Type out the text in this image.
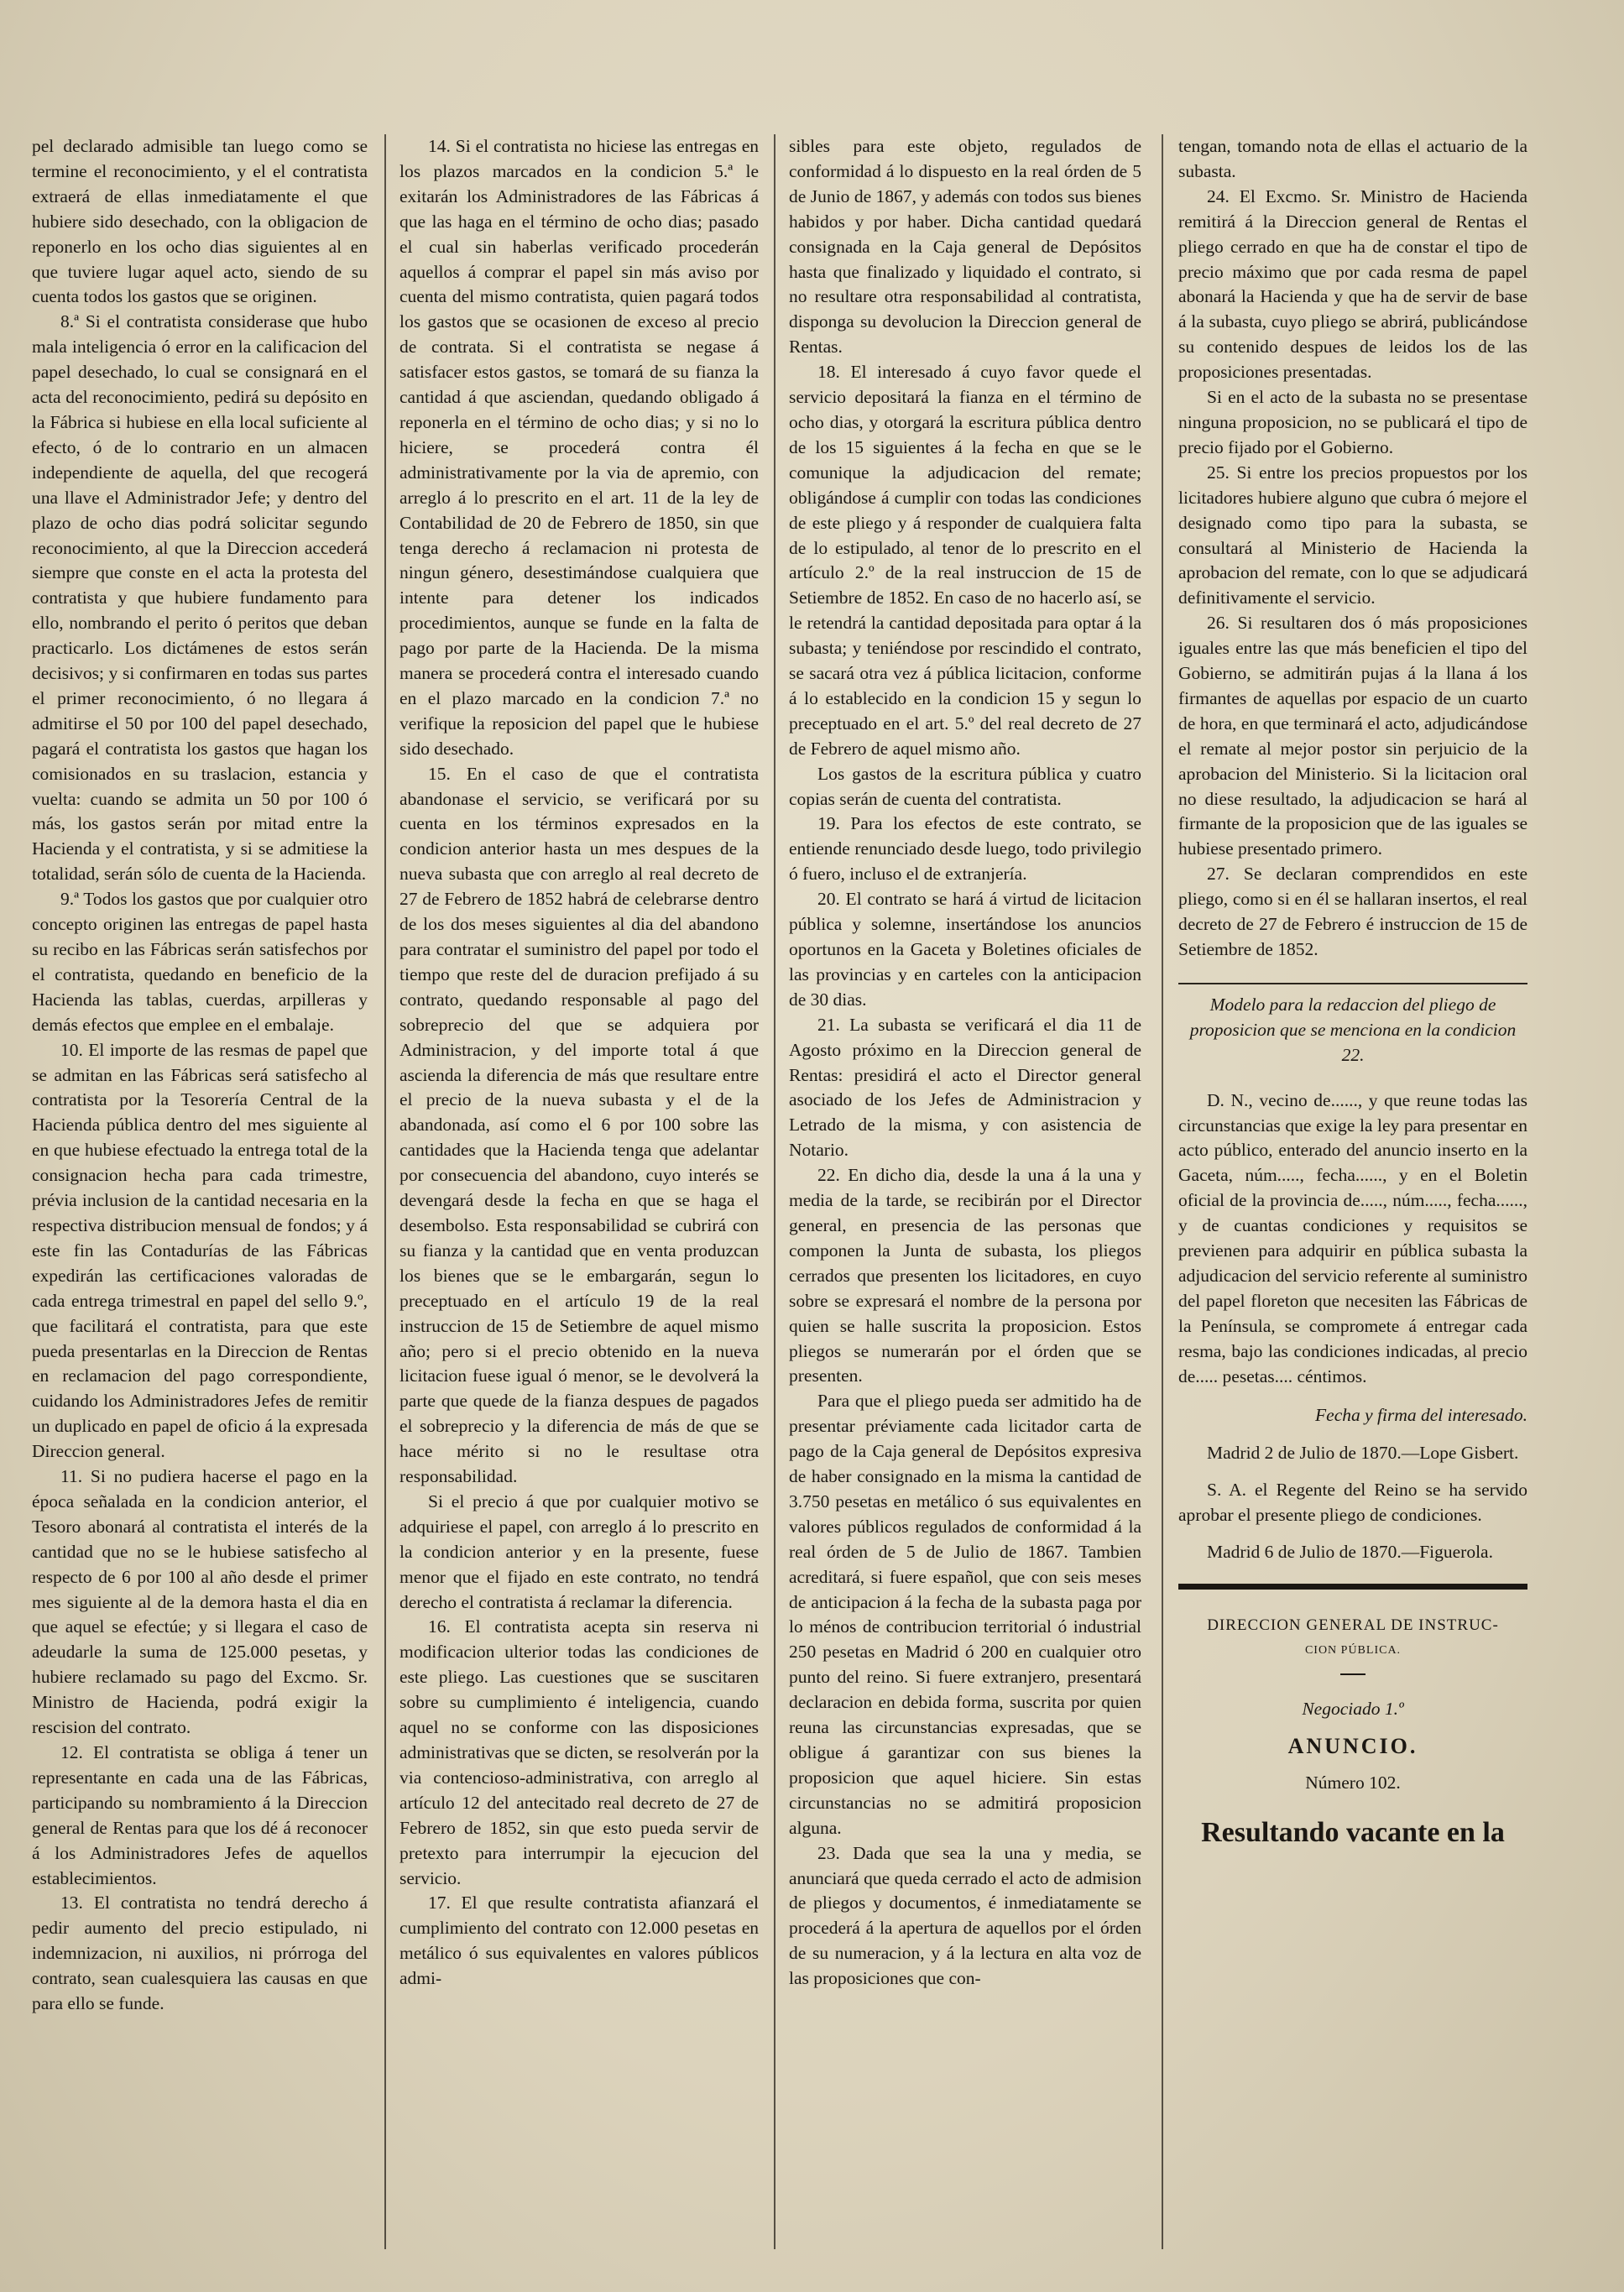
pel declarado admisible tan luego como se termine el reconocimiento, y el el contratista extraerá de ellas inmediatamente el que hubiere sido desechado, con la obligacion de reponerlo en los ocho dias siguientes al en que tuviere lugar aquel acto, siendo de su cuenta todos los gastos que se originen.

8.ª Si el contratista considerase que hubo mala inteligencia ó error en la calificacion del papel desechado, lo cual se consignará en el acta del reconocimiento, pedirá su depósito en la Fábrica si hubiese en ella local suficiente al efecto, ó de lo contrario en un almacen independiente de aquella, del que recogerá una llave el Administrador Jefe; y dentro del plazo de ocho dias podrá solicitar segundo reconocimiento, al que la Direccion accederá siempre que conste en el acta la protesta del contratista y que hubiere fundamento para ello, nombrando el perito ó peritos que deban practicarlo. Los dictámenes de estos serán decisivos; y si confirmaren en todas sus partes el primer reconocimiento, ó no llegara á admitirse el 50 por 100 del papel desechado, pagará el contratista los gastos que hagan los comisionados en su traslacion, estancia y vuelta: cuando se admita un 50 por 100 ó más, los gastos serán por mitad entre la Hacienda y el contratista, y si se admitiese la totalidad, serán sólo de cuenta de la Hacienda.

9.ª Todos los gastos que por cualquier otro concepto originen las entregas de papel hasta su recibo en las Fábricas serán satisfechos por el contratista, quedando en beneficio de la Hacienda las tablas, cuerdas, arpilleras y demás efectos que emplee en el embalaje.

10. El importe de las resmas de papel que se admitan en las Fábricas será satisfecho al contratista por la Tesorería Central de la Hacienda pública dentro del mes siguiente al en que hubiese efectuado la entrega total de la consignacion hecha para cada trimestre, prévia inclusion de la cantidad necesaria en la respectiva distribucion mensual de fondos; y á este fin las Contadurías de las Fábricas expedirán las certificaciones valoradas de cada entrega trimestral en papel del sello 9.º, que facilitará el contratista, para que este pueda presentarlas en la Direccion de Rentas en reclamacion del pago correspondiente, cuidando los Administradores Jefes de remitir un duplicado en papel de oficio á la expresada Direccion general.

11. Si no pudiera hacerse el pago en la época señalada en la condicion anterior, el Tesoro abonará al contratista el interés de la cantidad que no se le hubiese satisfecho al respecto de 6 por 100 al año desde el primer mes siguiente al de la demora hasta el dia en que aquel se efectúe; y si llegara el caso de adeudarle la suma de 125.000 pesetas, y hubiere reclamado su pago del Excmo. Sr. Ministro de Hacienda, podrá exigir la rescision del contrato.

12. El contratista se obliga á tener un representante en cada una de las Fábricas, participando su nombramiento á la Direccion general de Rentas para que los dé á reconocer á los Administradores Jefes de aquellos establecimientos.

13. El contratista no tendrá derecho á pedir aumento del precio estipulado, ni indemnizacion, ni auxilios, ni prórroga del contrato, sean cualesquiera las causas en que para ello se funde.

14. Si el contratista no hiciese las entregas en los plazos marcados en la condicion 5.ª le exitarán los Administradores de las Fábricas á que las haga en el término de ocho dias; pasado el cual sin haberlas verificado procederán aquellos á comprar el papel sin más aviso por cuenta del mismo contratista, quien pagará todos los gastos que se ocasionen de exceso al precio de contrata. Si el contratista se negase á satisfacer estos gastos, se tomará de su fianza la cantidad á que asciendan, quedando obligado á reponerla en el término de ocho dias; y si no lo hiciere, se procederá contra él administrativamente por la via de apremio, con arreglo á lo prescrito en el art. 11 de la ley de Contabilidad de 20 de Febrero de 1850, sin que tenga derecho á reclamacion ni protesta de ningun género, desestimándose cualquiera que intente para detener los indicados procedimientos, aunque se funde en la falta de pago por parte de la Hacienda. De la misma manera se procederá contra el interesado cuando en el plazo marcado en la condicion 7.ª no verifique la reposicion del papel que le hubiese sido desechado.

15. En el caso de que el contratista abandonase el servicio, se verificará por su cuenta en los términos expresados en la condicion anterior hasta un mes despues de la nueva subasta que con arreglo al real decreto de 27 de Febrero de 1852 habrá de celebrarse dentro de los dos meses siguientes al dia del abandono para contratar el suministro del papel por todo el tiempo que reste del de duracion prefijado á su contrato, quedando responsable al pago del sobreprecio del que se adquiera por Administracion, y del importe total á que ascienda la diferencia de más que resultare entre el precio de la nueva subasta y el de la abandonada, así como el 6 por 100 sobre las cantidades que la Hacienda tenga que adelantar por consecuencia del abandono, cuyo interés se devengará desde la fecha en que se haga el desembolso. Esta responsabilidad se cubrirá con su fianza y la cantidad que en venta produzcan los bienes que se le embargarán, segun lo preceptuado en el artículo 19 de la real instruccion de 15 de Setiembre de aquel mismo año; pero si el precio obtenido en la nueva licitacion fuese igual ó menor, se le devolverá la parte que quede de la fianza despues de pagados el sobreprecio y la diferencia de más de que se hace mérito si no le resultase otra responsabilidad.

Si el precio á que por cualquier motivo se adquiriese el papel, con arreglo á lo prescrito en la condicion anterior y en la presente, fuese menor que el fijado en este contrato, no tendrá derecho el contratista á reclamar la diferencia.

16. El contratista acepta sin reserva ni modificacion ulterior todas las condiciones de este pliego. Las cuestiones que se suscitaren sobre su cumplimiento é inteligencia, cuando aquel no se conforme con las disposiciones administrativas que se dicten, se resolverán por la via contencioso-administrativa, con arreglo al artículo 12 del antecitado real decreto de 27 de Febrero de 1852, sin que esto pueda servir de pretexto para interrumpir la ejecucion del servicio.

17. El que resulte contratista afianzará el cumplimiento del contrato con 12.000 pesetas en metálico ó sus equivalentes en valores públicos admi-

sibles para este objeto, regulados de conformidad á lo dispuesto en la real órden de 5 de Junio de 1867, y además con todos sus bienes habidos y por haber. Dicha cantidad quedará consignada en la Caja general de Depósitos hasta que finalizado y liquidado el contrato, si no resultare otra responsabilidad al contratista, disponga su devolucion la Direccion general de Rentas.

18. El interesado á cuyo favor quede el servicio depositará la fianza en el término de ocho dias, y otorgará la escritura pública dentro de los 15 siguientes á la fecha en que se le comunique la adjudicacion del remate; obligándose á cumplir con todas las condiciones de este pliego y á responder de cualquiera falta de lo estipulado, al tenor de lo prescrito en el artículo 2.º de la real instruccion de 15 de Setiembre de 1852. En caso de no hacerlo así, se le retendrá la cantidad depositada para optar á la subasta; y teniéndose por rescindido el contrato, se sacará otra vez á pública licitacion, conforme á lo establecido en la condicion 15 y segun lo preceptuado en el art. 5.º del real decreto de 27 de Febrero de aquel mismo año.

Los gastos de la escritura pública y cuatro copias serán de cuenta del contratista.

19. Para los efectos de este contrato, se entiende renunciado desde luego, todo privilegio ó fuero, incluso el de extranjería.

20. El contrato se hará á virtud de licitacion pública y solemne, insertándose los anuncios oportunos en la Gaceta y Boletines oficiales de las provincias y en carteles con la anticipacion de 30 dias.

21. La subasta se verificará el dia 11 de Agosto próximo en la Direccion general de Rentas: presidirá el acto el Director general asociado de los Jefes de Administracion y Letrado de la misma, y con asistencia de Notario.

22. En dicho dia, desde la una á la una y media de la tarde, se recibirán por el Director general, en presencia de las personas que componen la Junta de subasta, los pliegos cerrados que presenten los licitadores, en cuyo sobre se expresará el nombre de la persona por quien se halle suscrita la proposicion. Estos pliegos se numerarán por el órden que se presenten.

Para que el pliego pueda ser admitido ha de presentar préviamente cada licitador carta de pago de la Caja general de Depósitos expresiva de haber consignado en la misma la cantidad de 3.750 pesetas en metálico ó sus equivalentes en valores públicos regulados de conformidad á la real órden de 5 de Julio de 1867. Tambien acreditará, si fuere español, que con seis meses de anticipacion á la fecha de la subasta paga por lo ménos de contribucion territorial ó industrial 250 pesetas en Madrid ó 200 en cualquier otro punto del reino. Si fuere extranjero, presentará declaracion en debida forma, suscrita por quien reuna las circunstancias expresadas, que se obligue á garantizar con sus bienes la proposicion que aquel hiciere. Sin estas circunstancias no se admitirá proposicion alguna.

23. Dada que sea la una y media, se anunciará que queda cerrado el acto de admision de pliegos y documentos, é inmediatamente se procederá á la apertura de aquellos por el órden de su numeracion, y á la lectura en alta voz de las proposiciones que con-

tengan, tomando nota de ellas el actuario de la subasta.

24. El Excmo. Sr. Ministro de Hacienda remitirá á la Direccion general de Rentas el pliego cerrado en que ha de constar el tipo de precio máximo que por cada resma de papel abonará la Hacienda y que ha de servir de base á la subasta, cuyo pliego se abrirá, publicándose su contenido despues de leidos los de las proposiciones presentadas.

Si en el acto de la subasta no se presentase ninguna proposicion, no se publicará el tipo de precio fijado por el Gobierno.

25. Si entre los precios propuestos por los licitadores hubiere alguno que cubra ó mejore el designado como tipo para la subasta, se consultará al Ministerio de Hacienda la aprobacion del remate, con lo que se adjudicará definitivamente el servicio.

26. Si resultaren dos ó más proposiciones iguales entre las que más beneficien el tipo del Gobierno, se admitirán pujas á la llana á los firmantes de aquellas por espacio de un cuarto de hora, en que terminará el acto, adjudicándose el remate al mejor postor sin perjuicio de la aprobacion del Ministerio. Si la licitacion oral no diese resultado, la adjudicacion se hará al firmante de la proposicion que de las iguales se hubiese presentado primero.

27. Se declaran comprendidos en este pliego, como si en él se hallaran insertos, el real decreto de 27 de Febrero é instruccion de 15 de Setiembre de 1852.

Modelo para la redaccion del pliego de proposicion que se menciona en la condicion 22.

D. N., vecino de......, y que reune todas las circunstancias que exige la ley para presentar en acto público, enterado del anuncio inserto en la Gaceta, núm....., fecha......, y en el Boletin oficial de la provincia de....., núm....., fecha......, y de cuantas condiciones y requisitos se previenen para adquirir en pública subasta la adjudicacion del servicio referente al suministro del papel floreton que necesiten las Fábricas de la Península, se compromete á entregar cada resma, bajo las condiciones indicadas, al precio de..... pesetas.... céntimos.

Fecha y firma del interesado.

Madrid 2 de Julio de 1870.—Lope Gisbert.

S. A. el Regente del Reino se ha servido aprobar el presente pliego de condiciones.

Madrid 6 de Julio de 1870.—Figuerola.

DIRECCION GENERAL DE INSTRUC-

CION PÚBLICA.

Negociado 1.º

ANUNCIO.

Número 102.

Resultando vacante en la
